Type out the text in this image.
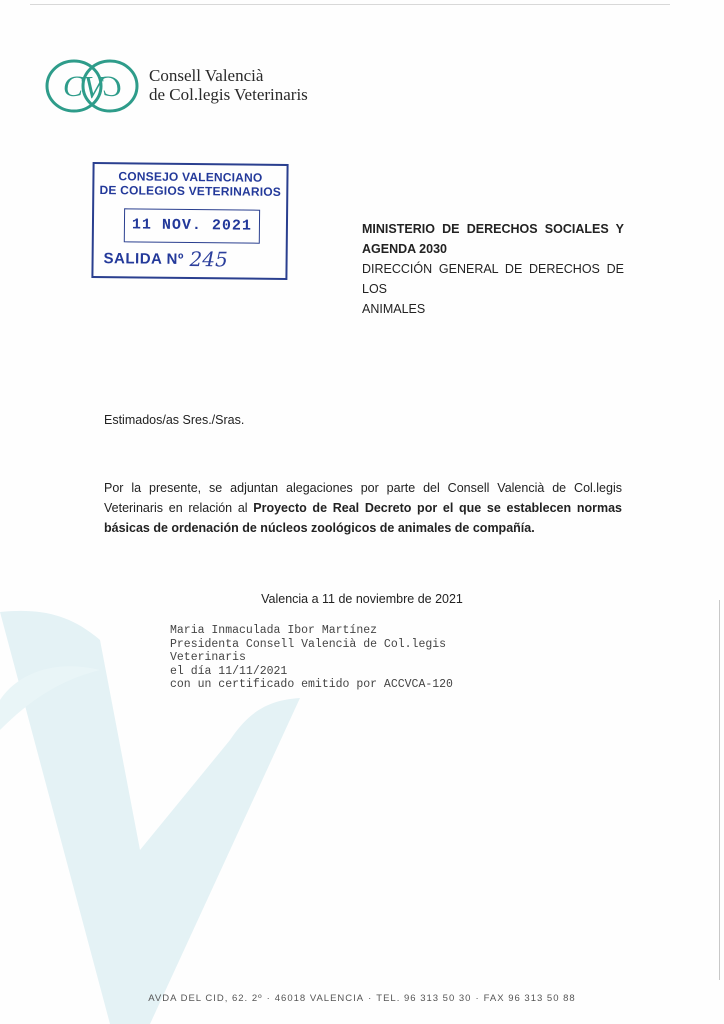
C V C Consell Valencià
de Col.legis Veterinaris
CONSEJO VALENCIANO
DE COLEGIOS VETERINARIOS
11 NOV. 2021
SALIDA Nº 245
MINISTERIO DE DERECHOS SOCIALES Y
AGENDA 2030
DIRECCIÓN GENERAL DE DERECHOS DE LOS
ANIMALES
Estimados/as Sres./Sras.
Por la presente, se adjuntan alegaciones por parte del Consell Valencià de Col.legis
Veterinaris en relación al Proyecto de Real Decreto por el que se establecen normas
básicas de ordenación de núcleos zoológicos de animales de compañía.
Valencia a 11 de noviembre de 2021
Maria Inmaculada Ibor Martínez
Presidenta Consell Valencià de Col.legis
Veterinaris
el día 11/11/2021
con un certificado emitido por ACCVCA-120
AVDA DEL CID, 62. 2º · 46018 VALENCIA · TEL. 96 313 50 30 · FAX 96 313 50 88
